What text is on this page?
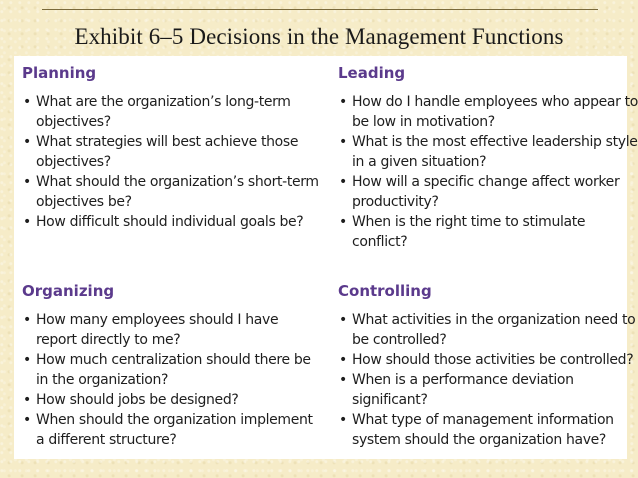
Exhibit 6–5 Decisions in the Management Functions
Planning
• What are the organization’s long-term objectives?
• What strategies will best achieve those objectives?
• What should the organization’s short-term objectives be?
• How difficult should individual goals be?
Leading
• How do I handle employees who appear to be low in motivation?
• What is the most effective leadership style in a given situation?
• How will a specific change affect worker productivity?
• When is the right time to stimulate conflict?
Organizing
• How many employees should I have report directly to me?
• How much centralization should there be in the organization?
• How should jobs be designed?
• When should the organization implement a different structure?
Controlling
• What activities in the organization need to be controlled?
• How should those activities be controlled?
• When is a performance deviation significant?
• What type of management information system should the organization have?
